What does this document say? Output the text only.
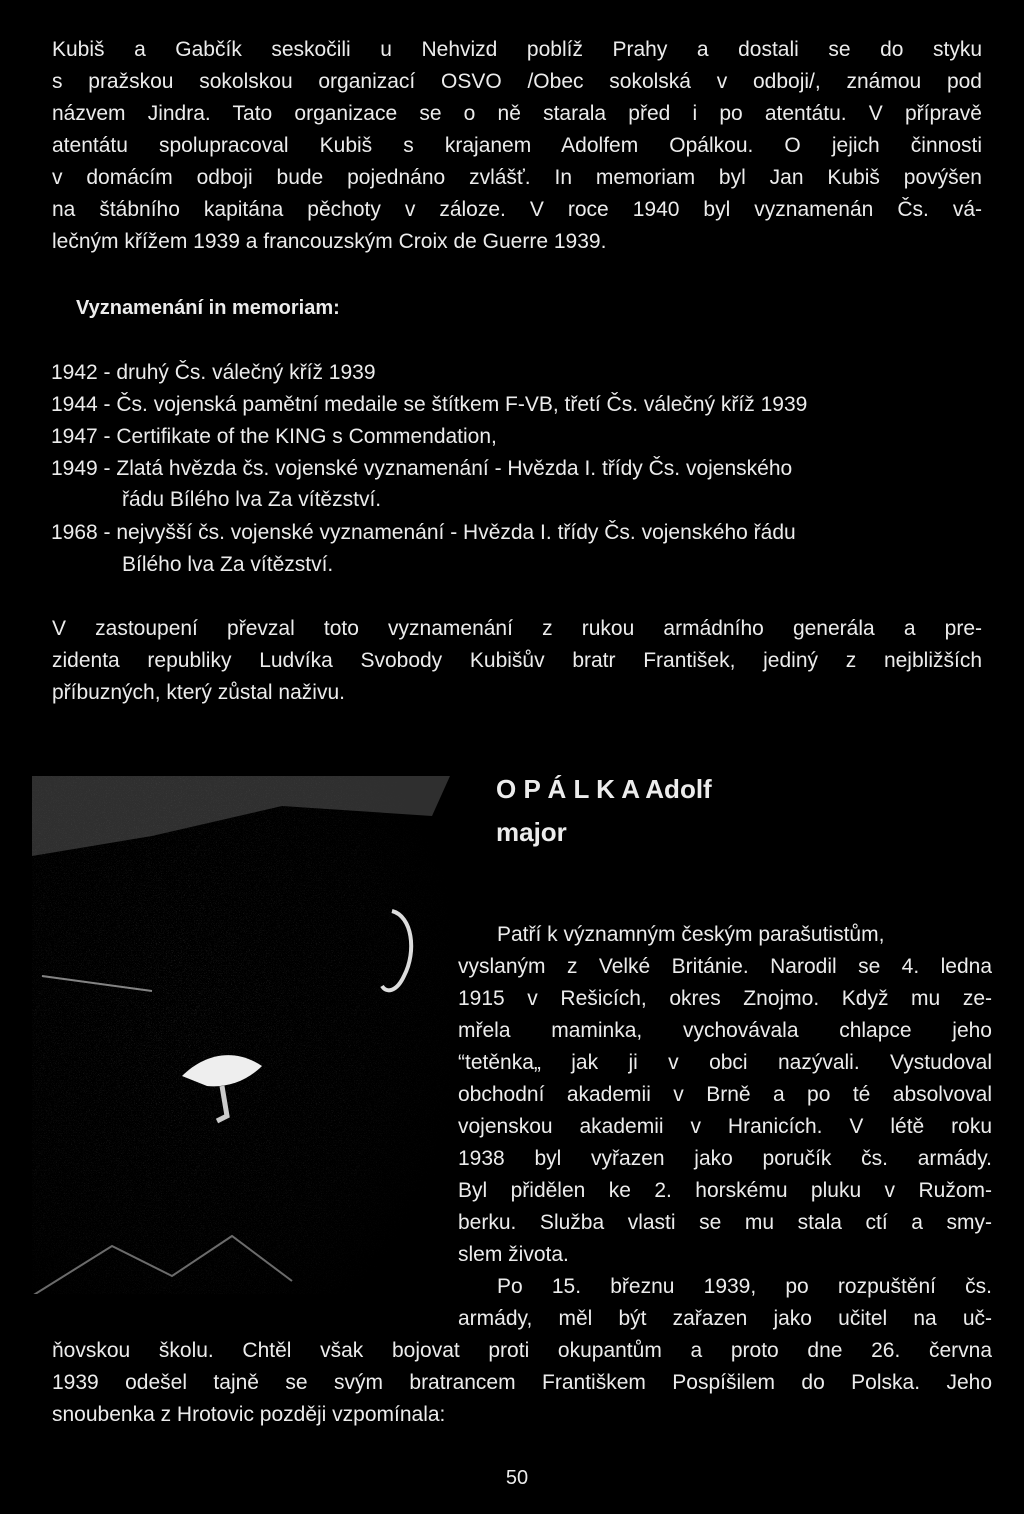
Kubiš a Gabčík seskočili u Nehvizd poblíž Prahy a dostali se do styku
s pražskou sokolskou organizací OSVO /Obec sokolská v odboji/, známou pod
názvem Jindra. Tato organizace se o ně starala před i po atentátu. V přípravě
atentátu spolupracoval Kubiš s krajanem Adolfem Opálkou. O jejich činnosti
v domácím odboji bude pojednáno zvlášť. In memoriam byl Jan Kubiš povýšen
na štábního kapitána pěchoty v záloze. V roce 1940 byl vyznamenán Čs. vá-
lečným křížem 1939 a francouzským Croix de Guerre 1939.
Vyznamenání in memoriam:
1942 - druhý Čs. válečný kříž 1939
1944 - Čs. vojenská pamětní medaile se štítkem F-VB, třetí Čs. válečný kříž 1939
1947 - Certifikate of the KING s Commendation,
1949 - Zlatá hvězda čs. vojenské vyznamenání - Hvězda I. třídy Čs. vojenského
řádu Bílého lva Za vítězství.
1968 - nejvyšší čs. vojenské vyznamenání - Hvězda I. třídy Čs. vojenského řádu
Bílého lva Za vítězství.
V zastoupení převzal toto vyznamenání z rukou armádního generála a pre-
zidenta republiky Ludvíka Svobody Kubišův bratr František, jediný z nejbližších
příbuzných, který zůstal naživu.
O P Á L K A Adolf
major
Patří k významným českým parašutistům,
vyslaným z Velké Británie. Narodil se 4. ledna
1915 v Rešicích, okres Znojmo. Když mu ze-
mřela maminka, vychovávala chlapce jeho
“tetěnka„ jak ji v obci nazývali. Vystudoval
obchodní akademii v Brně a po té absolvoval
vojenskou akademii v Hranicích. V létě roku
1938 byl vyřazen jako poručík čs. armády.
Byl přidělen ke 2. horskému pluku v Ružom-
berku. Služba vlasti se mu stala ctí a smy-
slem života.
Po 15. březnu 1939, po rozpuštění čs.
armády, měl být zařazen jako učitel na uč-
ňovskou školu. Chtěl však bojovat proti okupantům a proto dne 26. června
1939 odešel tajně se svým bratrancem Františkem Pospíšilem do Polska. Jeho
snoubenka z Hrotovic později vzpomínala:
50
